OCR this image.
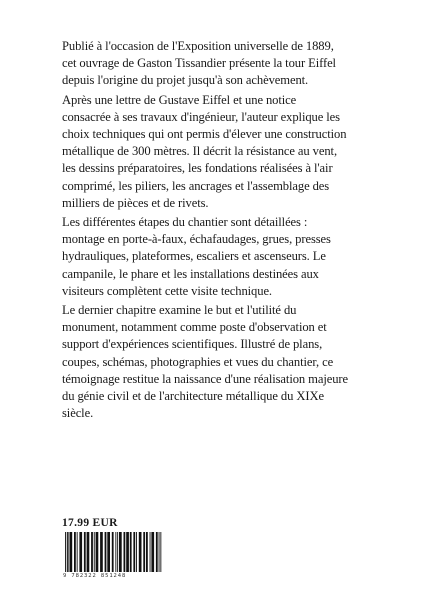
Publié à l'occasion de l'Exposition universelle de 1889,
cet ouvrage de Gaston Tissandier présente la tour Eiffel
depuis l'origine du projet jusqu'à son achèvement.

Après une lettre de Gustave Eiffel et une notice
consacrée à ses travaux d'ingénieur, l'auteur explique les
choix techniques qui ont permis d'élever une construction
métallique de 300 mètres. Il décrit la résistance au vent,
les dessins préparatoires, les fondations réalisées à l'air
comprimé, les piliers, les ancrages et l'assemblage des
milliers de pièces et de rivets.

Les différentes étapes du chantier sont détaillées :
montage en porte-à-faux, échafaudages, grues, presses
hydrauliques, plateformes, escaliers et ascenseurs. Le
campanile, le phare et les installations destinées aux
visiteurs complètent cette visite technique.

Le dernier chapitre examine le but et l'utilité du
monument, notamment comme poste d'observation et
support d'expériences scientifiques. Illustré de plans,
coupes, schémas, photographies et vues du chantier, ce
témoignage restitue la naissance d'une réalisation majeure
du génie civil et de l'architecture métallique du XIXe
siècle.

17.99 EUR
9 782322 851248
